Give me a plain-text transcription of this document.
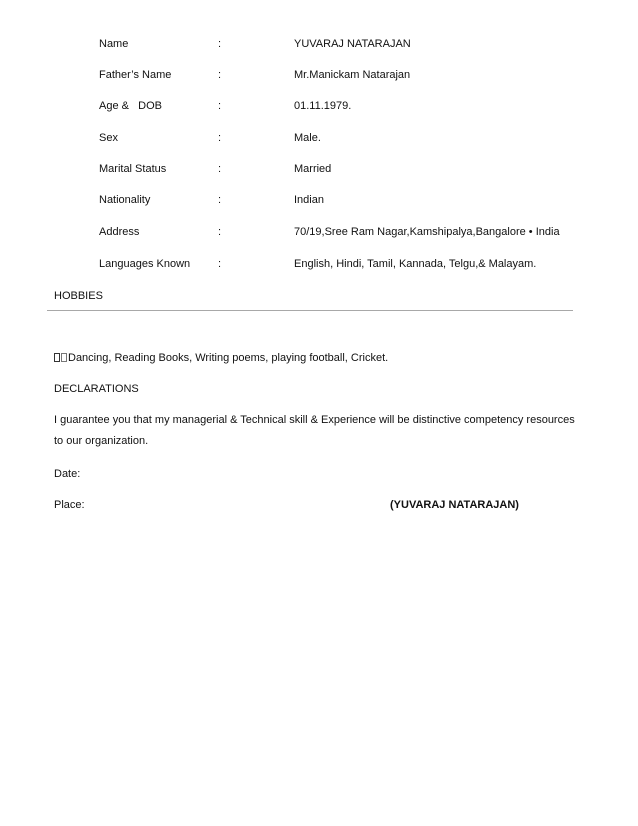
Name	:	YUVARAJ NATARAJAN
Father’s Name	:	Mr.Manickam Natarajan
Age &   DOB	:	01.11.1979.
Sex	:	Male.
Marital Status	:	Married
Nationality	:	Indian
Address	:	70/19,Sree Ram Nagar,Kamshipalya,Bangalore • India
Languages Known	:	English, Hindi, Tamil, Kannada, Telgu,& Malayam.
HOBBIES
Dancing, Reading Books, Writing poems, playing football, Cricket.
DECLARATIONS
I guarantee you that my managerial & Technical skill & Experience will be distinctive competency resources to our organization.
Date:
Place:	(YUVARAJ NATARAJAN)
